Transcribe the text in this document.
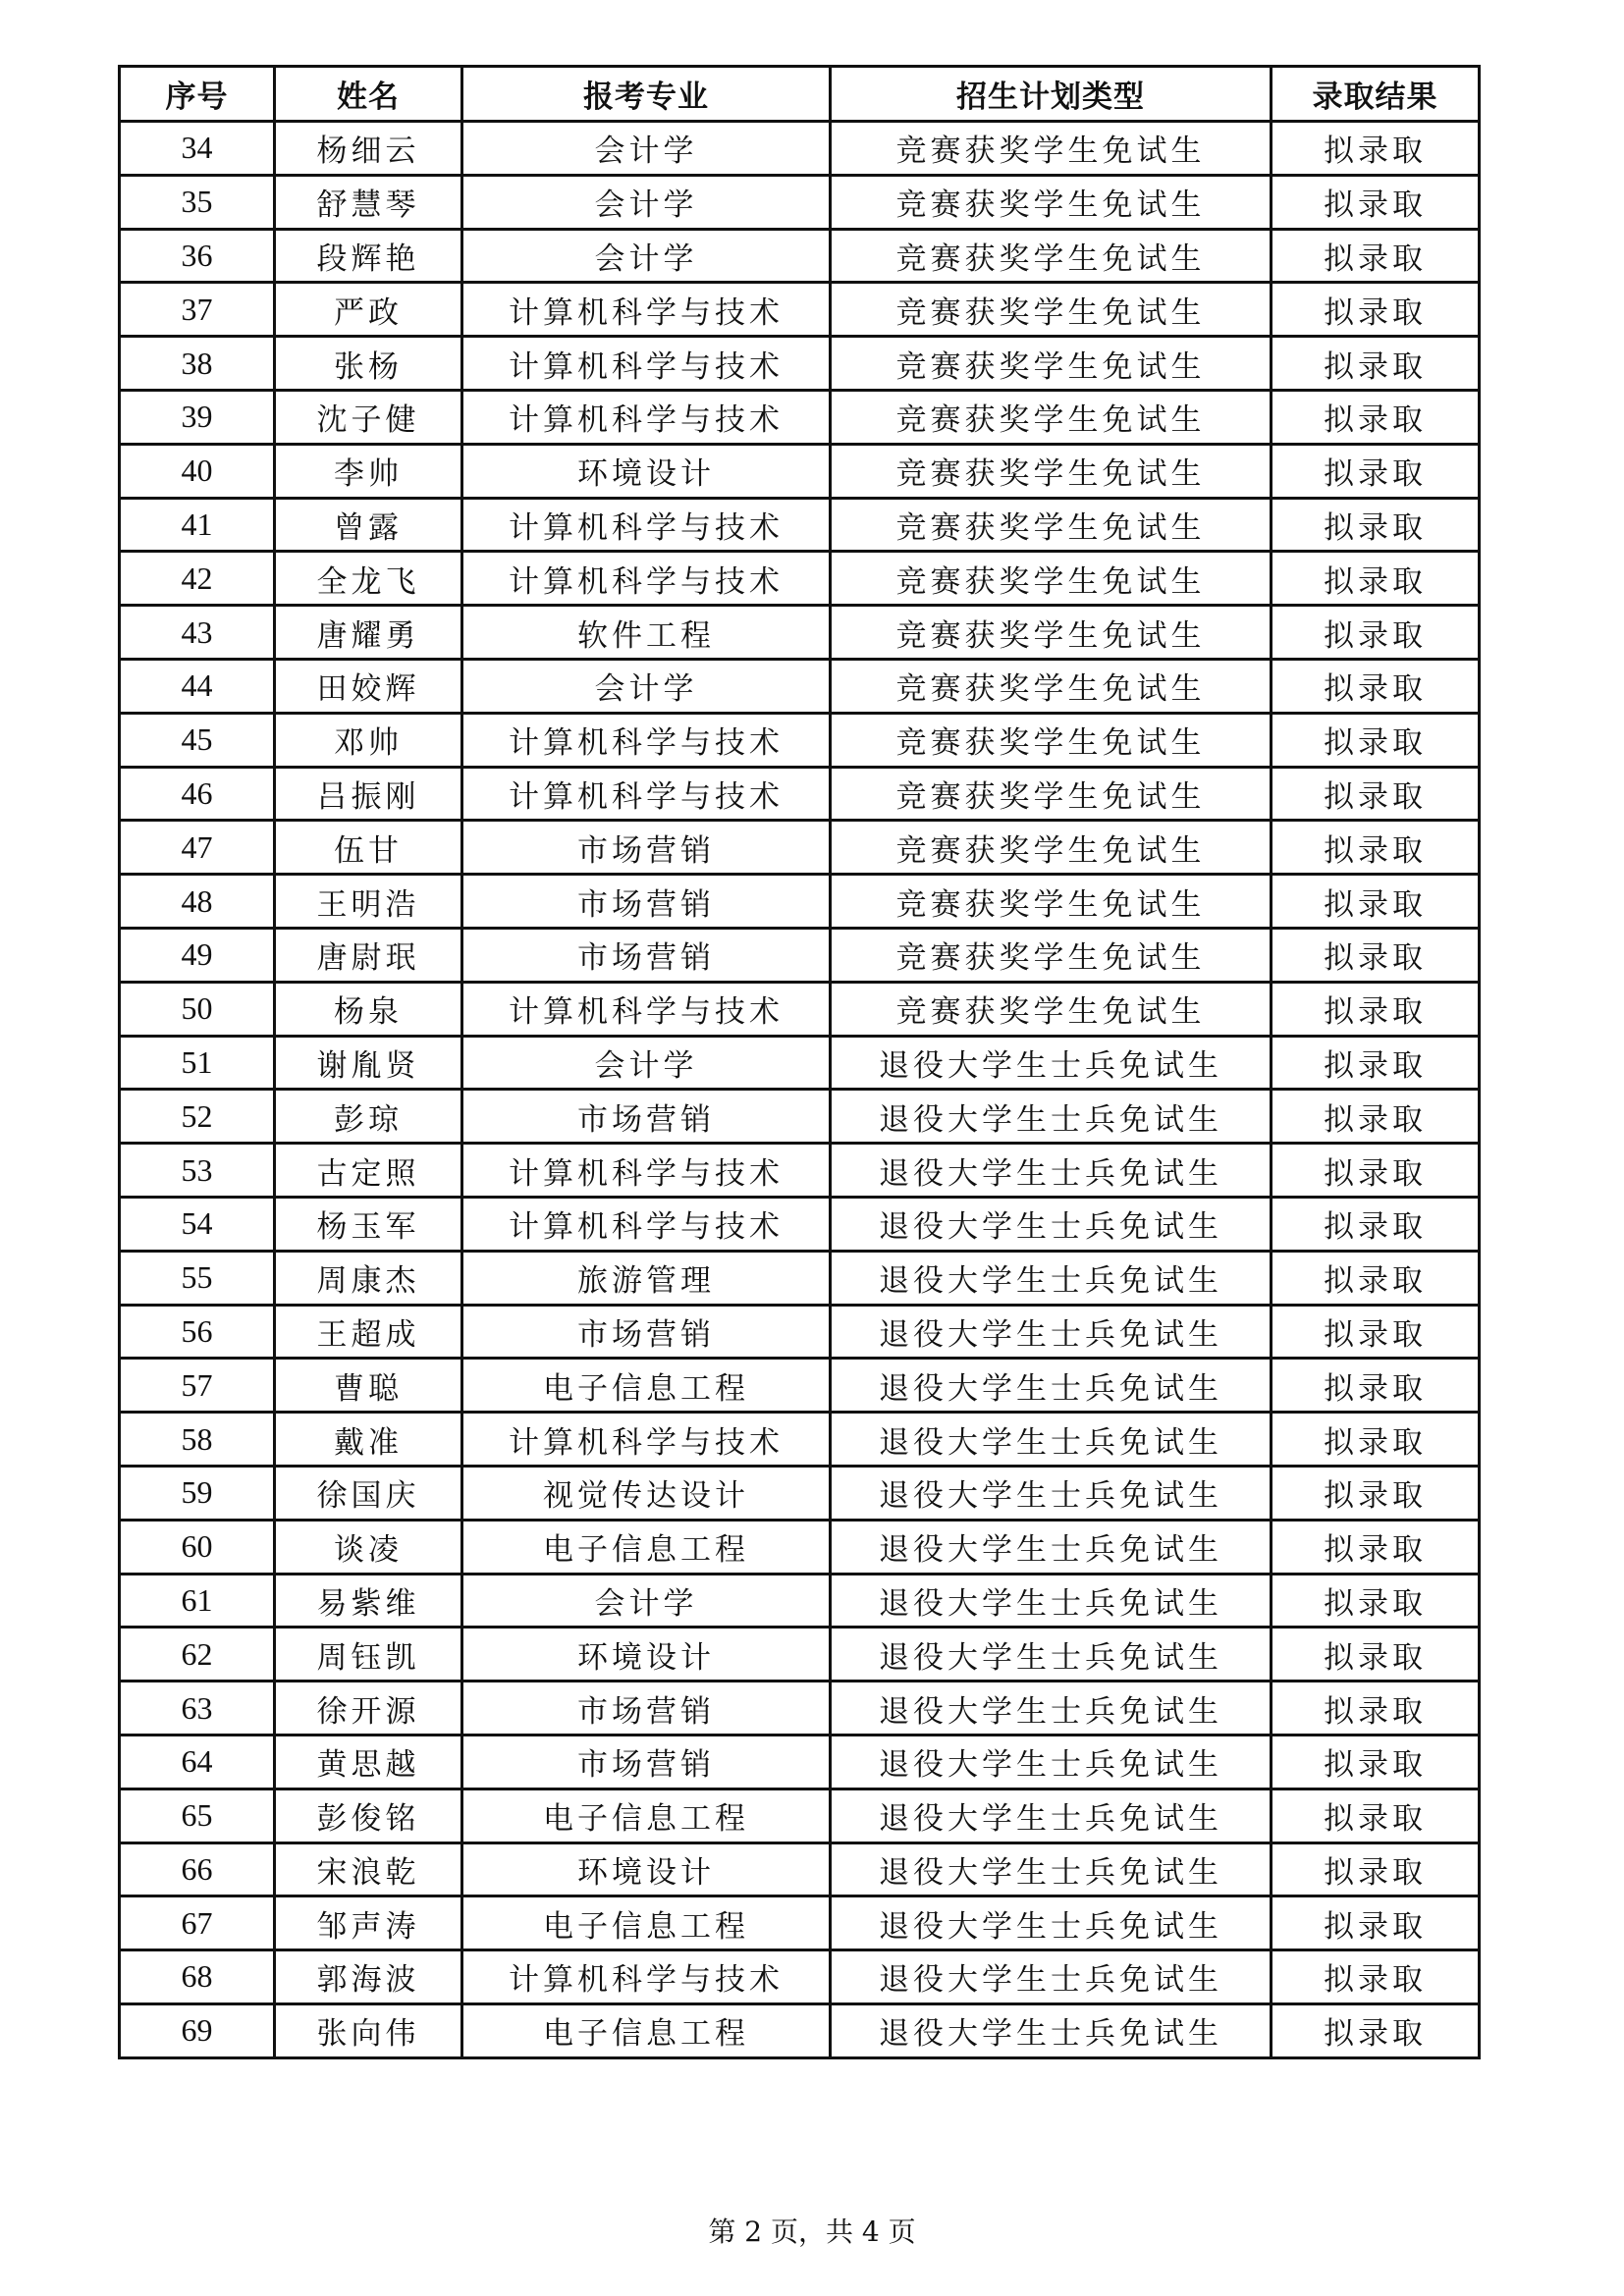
序号	姓名	报考专业	招生计划类型	录取结果
34	杨细云	会计学	竞赛获奖学生免试生	拟录取
35	舒慧琴	会计学	竞赛获奖学生免试生	拟录取
36	段辉艳	会计学	竞赛获奖学生免试生	拟录取
37	严政	计算机科学与技术	竞赛获奖学生免试生	拟录取
38	张杨	计算机科学与技术	竞赛获奖学生免试生	拟录取
39	沈子健	计算机科学与技术	竞赛获奖学生免试生	拟录取
40	李帅	环境设计	竞赛获奖学生免试生	拟录取
41	曾露	计算机科学与技术	竞赛获奖学生免试生	拟录取
42	全龙飞	计算机科学与技术	竞赛获奖学生免试生	拟录取
43	唐耀勇	软件工程	竞赛获奖学生免试生	拟录取
44	田姣辉	会计学	竞赛获奖学生免试生	拟录取
45	邓帅	计算机科学与技术	竞赛获奖学生免试生	拟录取
46	吕振刚	计算机科学与技术	竞赛获奖学生免试生	拟录取
47	伍甘	市场营销	竞赛获奖学生免试生	拟录取
48	王明浩	市场营销	竞赛获奖学生免试生	拟录取
49	唐尉珉	市场营销	竞赛获奖学生免试生	拟录取
50	杨泉	计算机科学与技术	竞赛获奖学生免试生	拟录取
51	谢胤贤	会计学	退役大学生士兵免试生	拟录取
52	彭琼	市场营销	退役大学生士兵免试生	拟录取
53	古定照	计算机科学与技术	退役大学生士兵免试生	拟录取
54	杨玉军	计算机科学与技术	退役大学生士兵免试生	拟录取
55	周康杰	旅游管理	退役大学生士兵免试生	拟录取
56	王超成	市场营销	退役大学生士兵免试生	拟录取
57	曹聪	电子信息工程	退役大学生士兵免试生	拟录取
58	戴准	计算机科学与技术	退役大学生士兵免试生	拟录取
59	徐国庆	视觉传达设计	退役大学生士兵免试生	拟录取
60	谈凌	电子信息工程	退役大学生士兵免试生	拟录取
61	易紫维	会计学	退役大学生士兵免试生	拟录取
62	周钰凯	环境设计	退役大学生士兵免试生	拟录取
63	徐开源	市场营销	退役大学生士兵免试生	拟录取
64	黄思越	市场营销	退役大学生士兵免试生	拟录取
65	彭俊铭	电子信息工程	退役大学生士兵免试生	拟录取
66	宋浪乾	环境设计	退役大学生士兵免试生	拟录取
67	邹声涛	电子信息工程	退役大学生士兵免试生	拟录取
68	郭海波	计算机科学与技术	退役大学生士兵免试生	拟录取
69	张向伟	电子信息工程	退役大学生士兵免试生	拟录取
第 2 页，共 4 页
